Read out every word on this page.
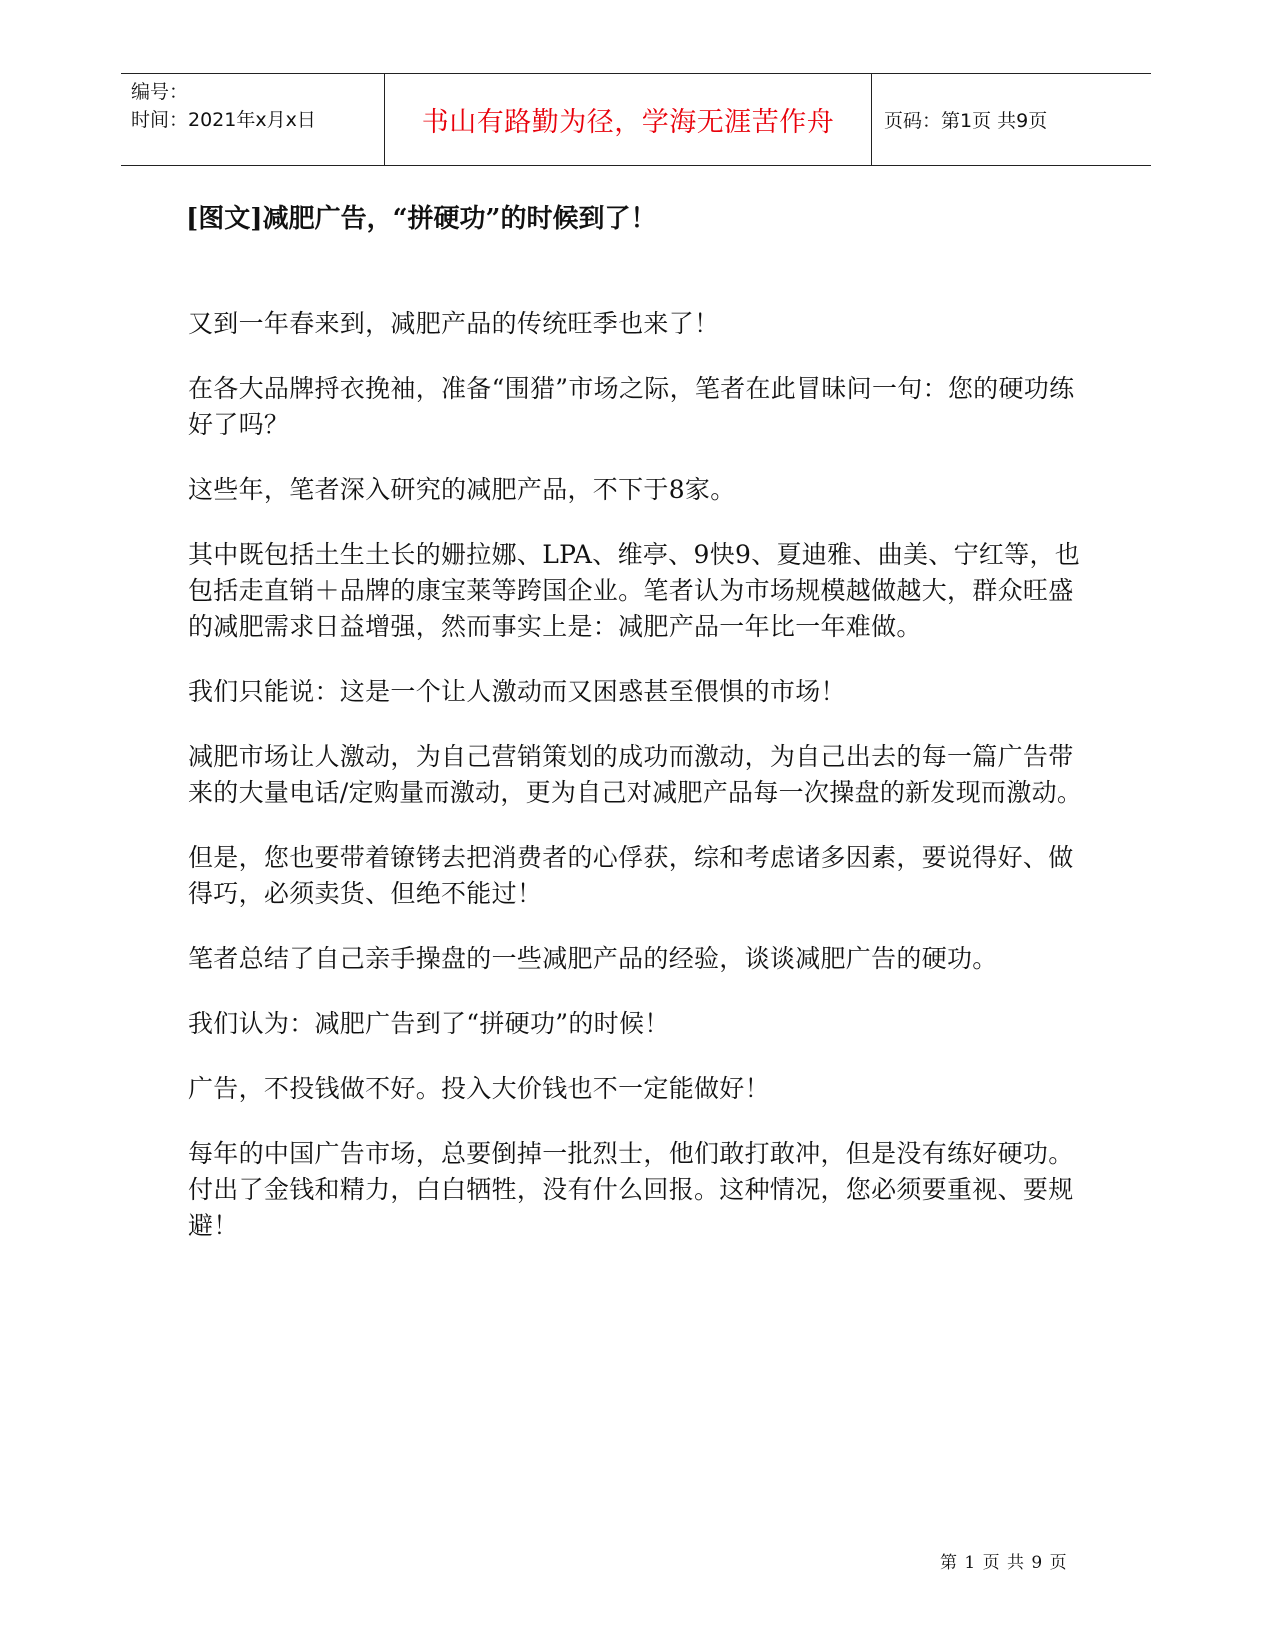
编号：
时间：2021年x月x日	书山有路勤为径，学海无涯苦作舟	页码：第1页 共9页
[图文]减肥广告，“拼硬功”的时候到了！

又到一年春来到，减肥产品的传统旺季也来了！

在各大品牌捋衣挽袖，准备“围猎”市场之际，笔者在此冒昧问一句：您的硬功练好了吗？

这些年，笔者深入研究的减肥产品，不下于8家。

其中既包括土生土长的姗拉娜、LPA、维亭、9快9、夏迪雅、曲美、宁红等，也包括走直销＋品牌的康宝莱等跨国企业。笔者认为市场规模越做越大，群众旺盛的减肥需求日益增强，然而事实上是：减肥产品一年比一年难做。

我们只能说：这是一个让人激动而又困惑甚至偎惧的市场！

减肥市场让人激动，为自己营销策划的成功而激动，为自己出去的每一篇广告带来的大量电话/定购量而激动，更为自己对减肥产品每一次操盘的新发现而激动。

但是，您也要带着镣铐去把消费者的心俘获，综和考虑诸多因素，要说得好、做得巧，必须卖货、但绝不能过！

笔者总结了自己亲手操盘的一些减肥产品的经验，谈谈减肥广告的硬功。

我们认为：减肥广告到了“拼硬功”的时候！

广告，不投钱做不好。投入大价钱也不一定能做好！

每年的中国广告市场，总要倒掉一批烈士，他们敢打敢冲，但是没有练好硬功。付出了金钱和精力，白白牺牲，没有什么回报。这种情况，您必须要重视、要规避！

第 1 页 共 9 页
